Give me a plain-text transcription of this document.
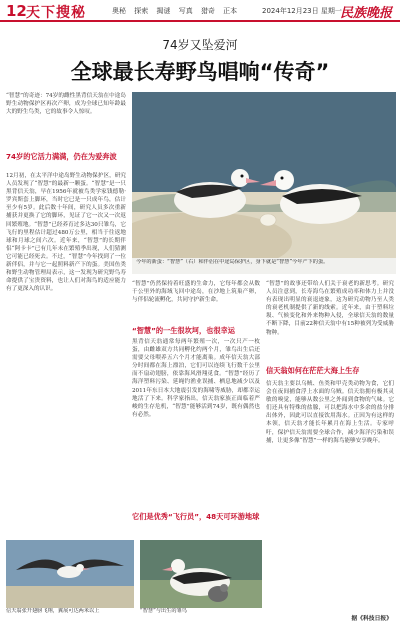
12 天下搜秘	奥秘 探索 揭谜 写真 猎奇 正本	2024年12月23日 星期一
民族晚报
74岁又坠爱河
全球最长寿野鸟唱响“传奇”
“智慧”的奇迹：74岁的雌性黑背信天翁在中途岛野生动物保护区再次产卵，成为全球已知年龄最大的野生鸟类，它的故事令人惊叹。
74岁的它活力满满，仍在为爱奔波
12月初，在太平洋中途岛野生动物保护区，研究人员发现了“智慧”的最新一颗蛋。“智慧”是一只黑背信天翁，早在1956年就被鸟类学家钱德勒·罗宾斯套上脚环，当时它已是一只成年鸟，估计至少有5岁。此后数十年间，研究人员多次重新捕获并更换了它的脚环，见证了它一次又一次返回繁殖地。“智慧”已经养育过多达30只雏鸟，它飞行的里程估计超过480万公里，相当于往返地球和月球之间六次。近年来，“智慧”的长期伴侣“阿卡卡”已有几年未在繁殖季出现，人们猜测它可能已经死去。不过，“智慧”今年找到了一位新伴侣，并与它一起照料新产下的蛋。美国鱼类和野生动物管理局表示，这一发现为研究野鸟寿命提供了宝贵资料，也让人们对海鸟的适应能力有了更深入的认识。
今年的新蛋：“智慧”（右）和伴侣在中途岛保护区，身下就是“智慧”今年产下的蛋。
“智慧”仍然保持着旺盛的生命力，它每年都会从数千公里外的海域飞回中途岛，在沙地上筑巢产卵，与伴侣轮流孵化，共同守护新生命。
“智慧”的一生很坎坷，也很幸运
黑背信天翁通常每两年繁殖一次，一次只产一枚蛋，由雌雄双方共同孵化约两个月，雏鸟出生后还需要父母喂养五六个月才能离巢。成年信天翁大部分时间都在海上漂泊，它们可以连续飞行数千公里而不扇动翅膀，依靠海风滑翔觅食。“智慧”经历了海洋塑料污染、延绳钓渔业误捕、栖息地减少以及2011年东日本大地震引发的海啸等威胁，却都幸运地活了下来。科学家指出，信天翁家族正面临着严峻的生存危机，“智慧”能够活到74岁，既有偶然也有必然。
它们是优秀“飞行员”，48天可环游地球
“智慧”的故事还带给人们关于衰老的新思考。研究人员注意到，长寿海鸟在繁殖成功率和体力上并没有表现出明显的衰退迹象，这为研究动物乃至人类的衰老机制提供了新的线索。近年来，由于塑料垃圾、气候变化和外来物种入侵，全球信天翁的数量不断下降，目前22种信天翁中有15种被列为受威胁物种。
信天翁如何在茫茫大海上生存
信天翁主要以乌贼、鱼类和甲壳类动物为食，它们会在夜间捕食浮上水面的乌贼。信天翁拥有极其灵敏的嗅觉，能够从数公里之外闻到食物的气味。它们还具有特殊的盐腺，可以把海水中多余的盐分排出体外，因此可以直接饮用海水。正因为有这样的本领，信天翁才能长年累月在海上生活。专家呼吁，保护信天翁需要全球合作，减少海洋污染和误捕，让更多像“智慧”一样的海鸟能够安享晚年。
信天翁张开翅膀飞翔，翼展可达两米以上	“智慧”与出生的雏鸟
据《科技日报》
